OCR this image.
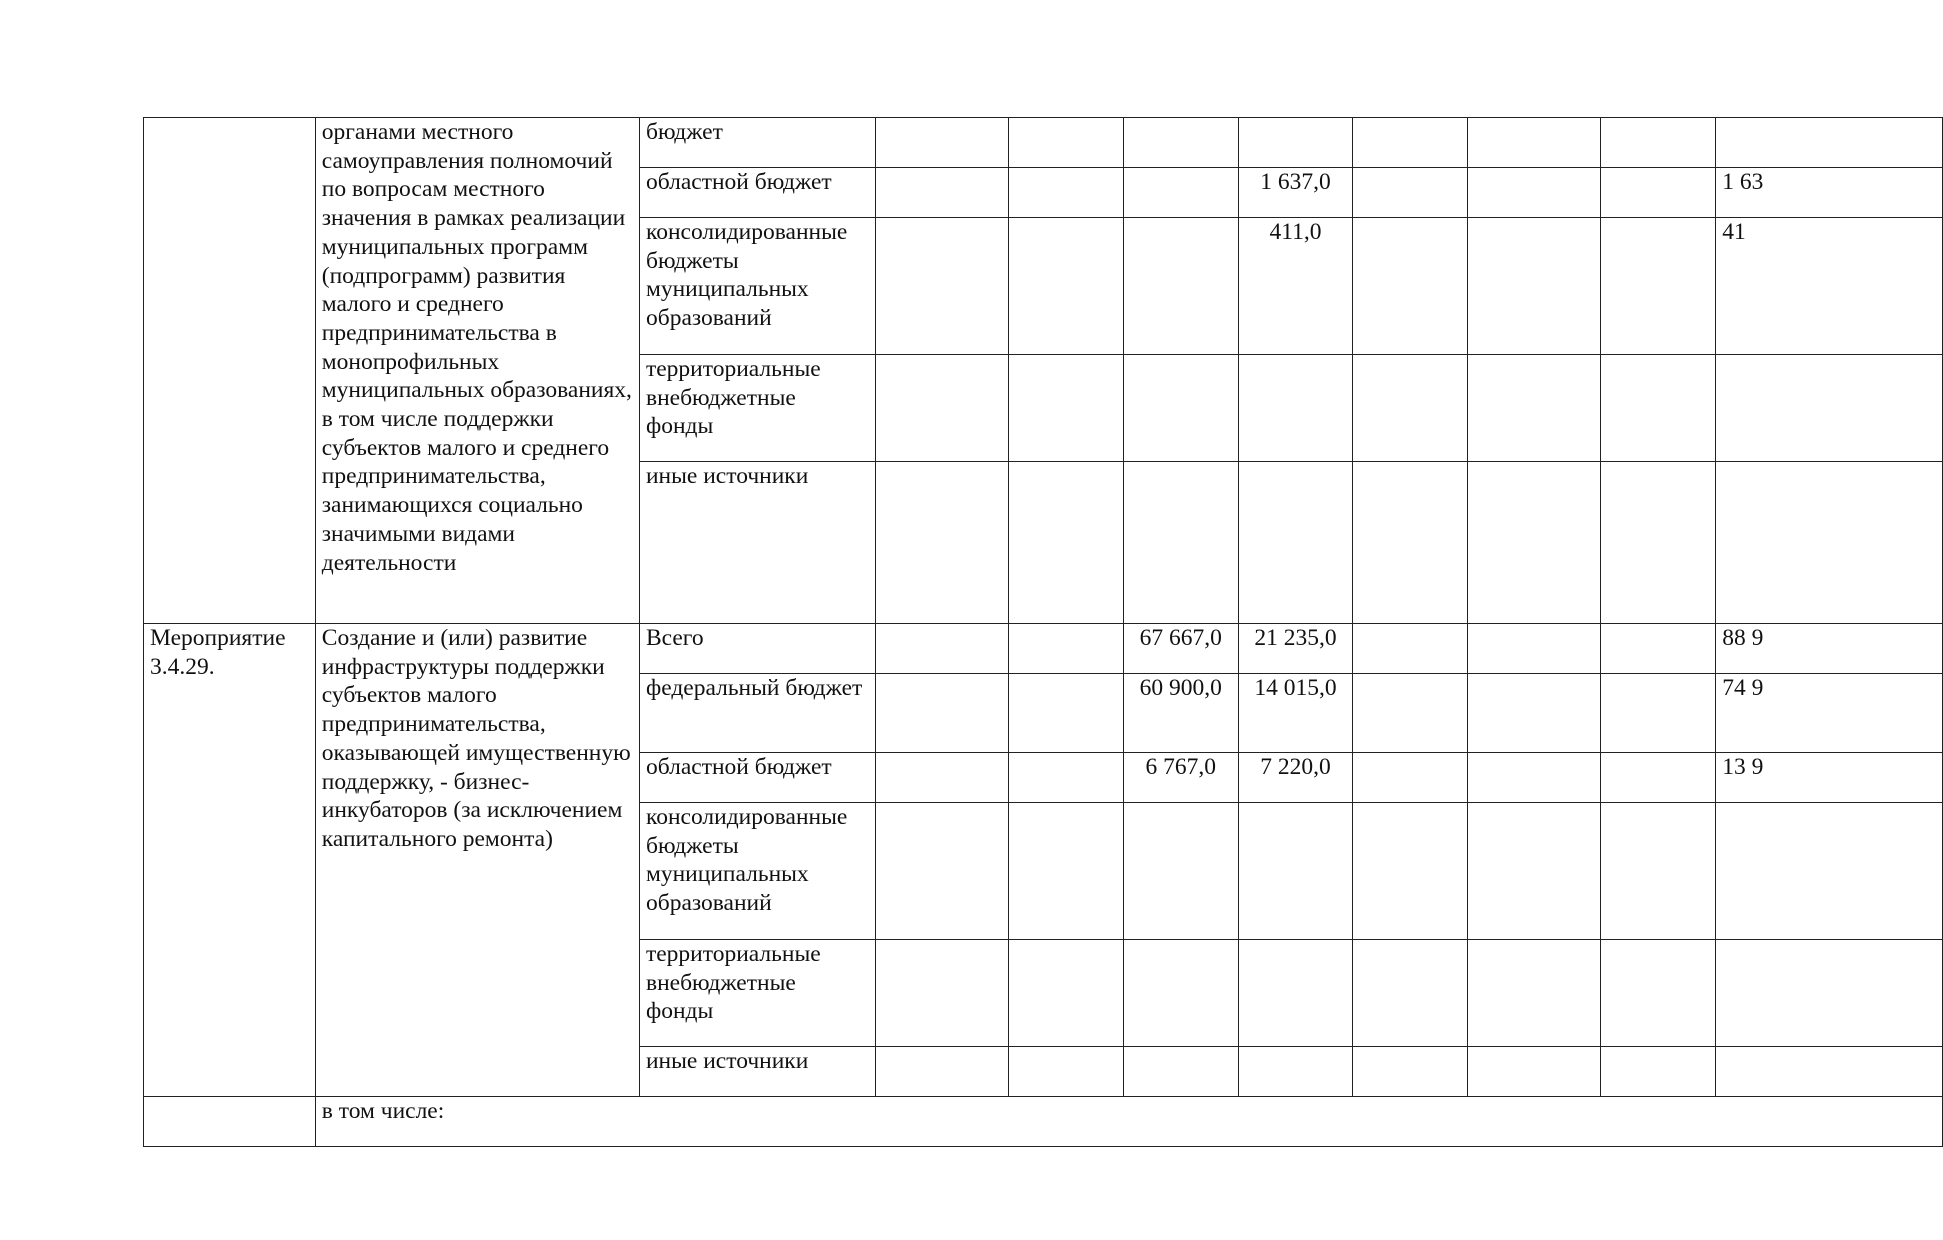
	органами местного самоуправления полномочий по вопросам местного значения в рамках реализации муниципальных программ (подпрограмм) развития малого и среднего предпринимательства в монопрофильных муниципальных образованиях, в том числе поддержки субъектов малого и среднего предпринимательства, занимающихся социально значимыми видами деятельности	бюджет								
		областной бюджет				1 637,0				1 63
		консолидированные бюджеты муниципальных образований				411,0				41
		территориальные внебюджетные фонды								
		иные источники								
Мероприятие 3.4.29.	Создание и (или) развитие инфраструктуры поддержки субъектов малого предпринимательства, оказывающей имущественную поддержку, - бизнес-инкубаторов (за исключением капитального ремонта)	Всего			67 667,0	21 235,0				88 9
		федеральный бюджет			60 900,0	14 015,0				74 9
		областной бюджет			6 767,0	7 220,0				13 9
		консолидированные бюджеты муниципальных образований								
		территориальные внебюджетные фонды								
		иные источники								
	в том числе:									
